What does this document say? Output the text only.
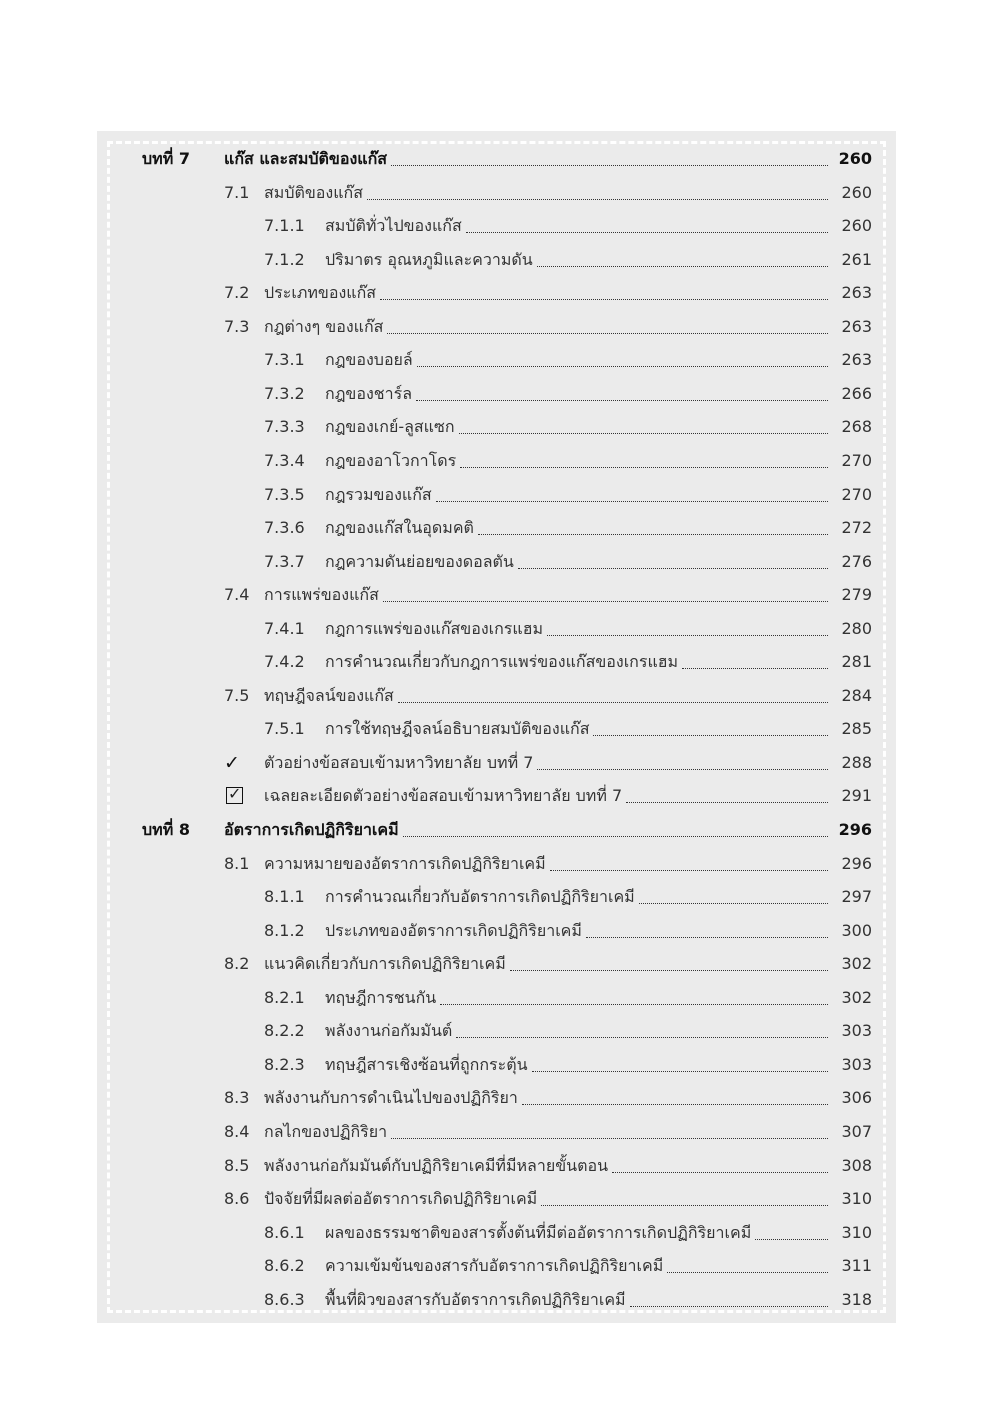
บทที่ 7 แก๊ส และสมบัติของแก๊ส	260
7.1 สมบัติของแก๊ส	260
7.1.1 สมบัติทั่วไปของแก๊ส	260
7.1.2 ปริมาตร อุณหภูมิและความดัน	261
7.2 ประเภทของแก๊ส	263
7.3 กฎต่างๆ ของแก๊ส	263
7.3.1 กฎของบอยล์	263
7.3.2 กฎของชาร์ล	266
7.3.3 กฎของเกย์-ลูสแซก	268
7.3.4 กฎของอาโวกาโดร	270
7.3.5 กฎรวมของแก๊ส	270
7.3.6 กฎของแก๊สในอุดมคติ	272
7.3.7 กฎความดันย่อยของดอลตัน	276
7.4 การแพร่ของแก๊ส	279
7.4.1 กฎการแพร่ของแก๊สของเกรแฮม	280
7.4.2 การคำนวณเกี่ยวกับกฎการแพร่ของแก๊สของเกรแฮม	281
7.5 ทฤษฎีจลน์ของแก๊ส	284
7.5.1 การใช้ทฤษฎีจลน์อธิบายสมบัติของแก๊ส	285
✓ ตัวอย่างข้อสอบเข้ามหาวิทยาลัย บทที่ 7	288
✓ เฉลยละเอียดตัวอย่างข้อสอบเข้ามหาวิทยาลัย บทที่ 7	291
บทที่ 8 อัตราการเกิดปฏิกิริยาเคมี	296
8.1 ความหมายของอัตราการเกิดปฏิกิริยาเคมี	296
8.1.1 การคำนวณเกี่ยวกับอัตราการเกิดปฏิกิริยาเคมี	297
8.1.2 ประเภทของอัตราการเกิดปฏิกิริยาเคมี	300
8.2 แนวคิดเกี่ยวกับการเกิดปฏิกิริยาเคมี	302
8.2.1 ทฤษฎีการชนกัน	302
8.2.2 พลังงานก่อกัมมันต์	303
8.2.3 ทฤษฎีสารเชิงซ้อนที่ถูกกระตุ้น	303
8.3 พลังงานกับการดำเนินไปของปฏิกิริยา	306
8.4 กลไกของปฏิกิริยา	307
8.5 พลังงานก่อกัมมันต์กับปฏิกิริยาเคมีที่มีหลายขั้นตอน	308
8.6 ปัจจัยที่มีผลต่ออัตราการเกิดปฏิกิริยาเคมี	310
8.6.1 ผลของธรรมชาติของสารตั้งต้นที่มีต่ออัตราการเกิดปฏิกิริยาเคมี	310
8.6.2 ความเข้มข้นของสารกับอัตราการเกิดปฏิกิริยาเคมี	311
8.6.3 พื้นที่ผิวของสารกับอัตราการเกิดปฏิกิริยาเคมี	318
